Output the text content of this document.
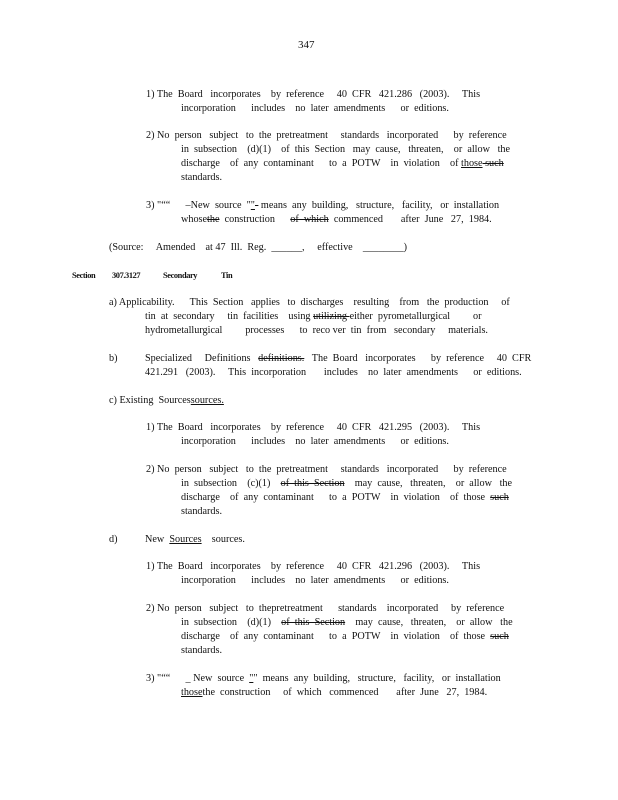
347
1) The  Board   incorporates    by  reference     40  CFR   421.286   (2003).     This
incorporation      includes    no  later  amendments      or  editions.
2) No  person   subject   to  the  pretreatment     standards   incorporated      by  reference
in  subsection    (d)(1)    of  this  Section   may  cause,   threaten,    or  allow   the
discharge    of  any  contaminant      to  a  POTW    in  violation    of those such
standards.
3) "““      –New  source  ""- means  any  building,   structure,   facility,   or  installation
whosethe  construction      of  which  commenced       after  June   27,  1984.
(Source: Amended at 47  Ill.  Reg.  ______, effective ________)
Section 307.3127	Secondary	Tin
a) Applicability.      This  Section   applies   to  discharges    resulting    from   the  production     of
tin  at  secondary     tin  facilities    using utilizing either  pyrometallurgical         or
hydrometallurgical         processes      to  reco ver  tin  from   secondary     materials.
b)	Specialized     Definitions   definitions.   The  Board   incorporates      by  reference     40  CFR
421.291   (2003).     This  incorporation       includes    no  later  amendments      or  editions.
c) Existing  Sourcessources.
1) The  Board   incorporates    by  reference     40  CFR   421.295   (2003).     This
incorporation      includes    no  later  amendments      or  editions.
2) No  person   subject   to  the  pretreatment     standards   incorporated      by  reference
in  subsection    (c)(1)    of  this  Section    may  cause,   threaten,    or  allow   the
discharge    of  any  contaminant      to  a  POTW    in  violation    of  those  such
standards.
d)	New  Sources    sources.
1) The  Board   incorporates    by  reference     40  CFR   421.296   (2003).     This
incorporation      includes    no  later  amendments      or  editions.
2) No  person   subject   to  thepretreatment      standards    incorporated     by  reference
in  subsection    (d)(1)    of  this  Section    may  cause,   threaten,    or  allow   the
discharge    of  any  contaminant      to  a  POTW    in  violation    of  those  such
standards.
3) "““      _ New  source  ""  means  any  building,   structure,   facility,   or  installation
thosethe  construction     of  which   commenced       after  June   27,  1984.
